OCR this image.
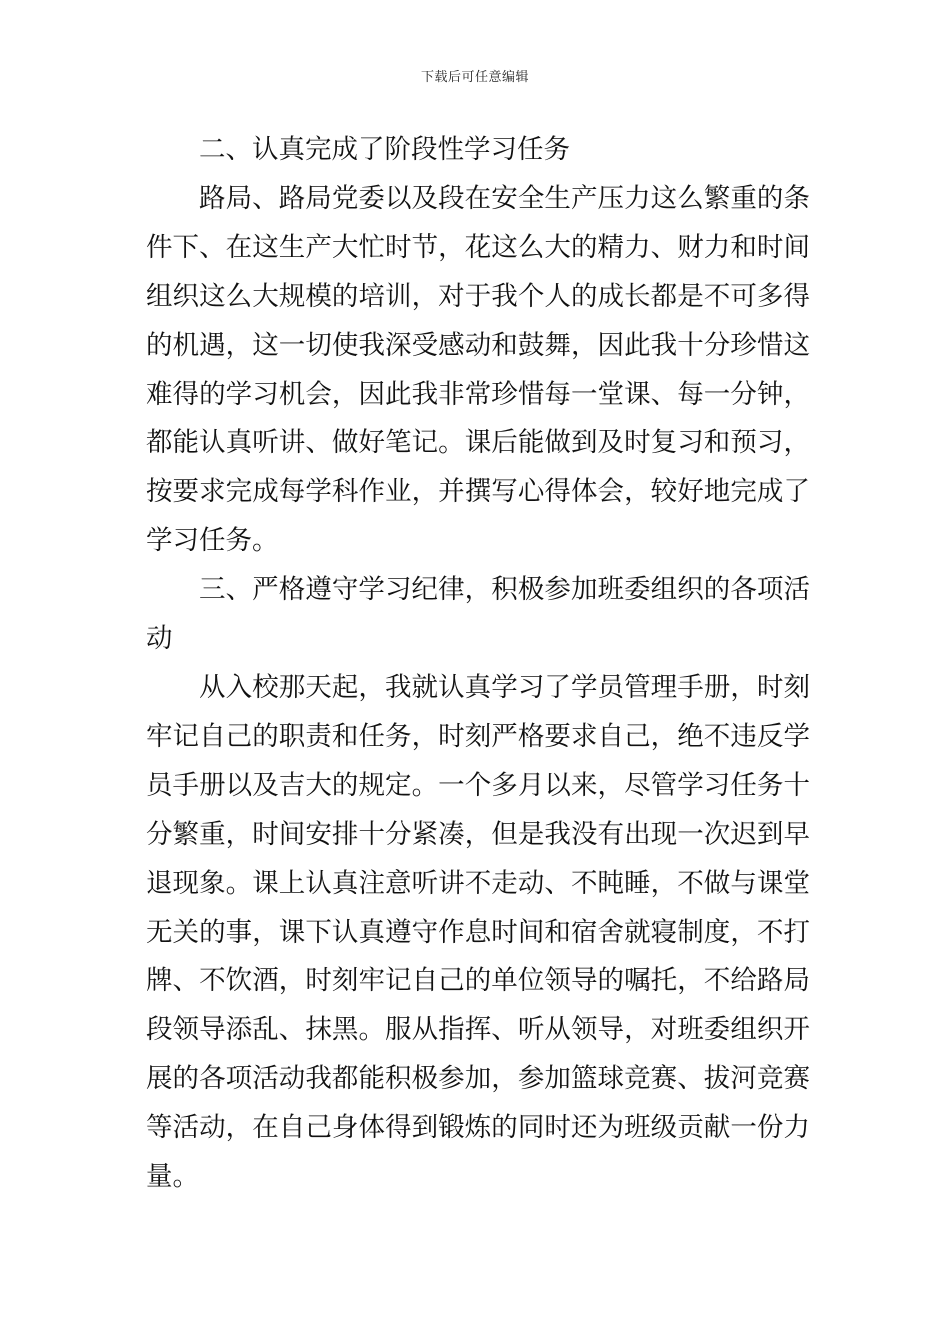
下载后可任意编辑

二、认真完成了阶段性学习任务

路局、路局党委以及段在安全生产压力这么繁重的条件下、在这生产大忙时节，花这么大的精力、财力和时间组织这么大规模的培训，对于我个人的成长都是不可多得的机遇，这一切使我深受感动和鼓舞，因此我十分珍惜这难得的学习机会，因此我非常珍惜每一堂课、每一分钟，都能认真听讲、做好笔记。课后能做到及时复习和预习，按要求完成每学科作业，并撰写心得体会，较好地完成了学习任务。

三、严格遵守学习纪律，积极参加班委组织的各项活动

从入校那天起，我就认真学习了学员管理手册，时刻牢记自己的职责和任务，时刻严格要求自己，绝不违反学员手册以及吉大的规定。一个多月以来，尽管学习任务十分繁重，时间安排十分紧凑，但是我没有出现一次迟到早退现象。课上认真注意听讲不走动、不盹睡，不做与课堂无关的事，课下认真遵守作息时间和宿舍就寝制度，不打牌、不饮酒，时刻牢记自己的单位领导的嘱托，不给路局段领导添乱、抹黑。服从指挥、听从领导，对班委组织开展的各项活动我都能积极参加，参加篮球竞赛、拔河竞赛等活动，在自己身体得到锻炼的同时还为班级贡献一份力量。
